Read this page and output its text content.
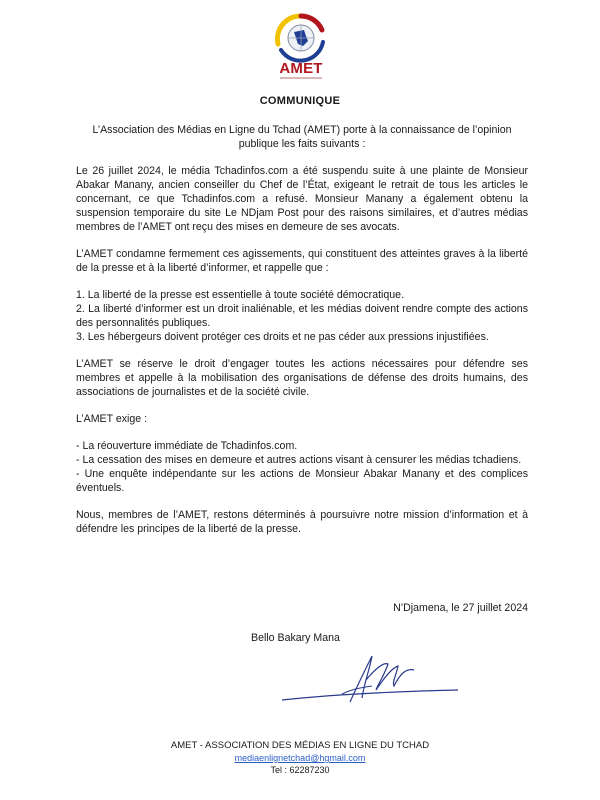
AMET
COMMUNIQUE

L’Association des Médias en Ligne du Tchad (AMET) porte à la connaissance de l’opinion publique les faits suivants :

Le 26 juillet 2024, le média Tchadinfos.com a été suspendu suite à une plainte de Monsieur Abakar Manany, ancien conseiller du Chef de l’État, exigeant le retrait de tous les articles le concernant, ce que Tchadinfos.com a refusé. Monsieur Manany a également obtenu la suspension temporaire du site Le NDjam Post pour des raisons similaires, et d’autres médias membres de l’AMET ont reçu des mises en demeure de ses avocats.

L’AMET condamne fermement ces agissements, qui constituent des atteintes graves à la liberté de la presse et à la liberté d’informer, et rappelle que :

1. La liberté de la presse est essentielle à toute société démocratique.

2. La liberté d’informer est un droit inaliénable, et les médias doivent rendre compte des actions des personnalités publiques.

3. Les hébergeurs doivent protéger ces droits et ne pas céder aux pressions injustifiées.

L’AMET se réserve le droit d’engager toutes les actions nécessaires pour défendre ses membres et appelle à la mobilisation des organisations de défense des droits humains, des associations de journalistes et de la société civile.

L’AMET exige :

- La réouverture immédiate de Tchadinfos.com.

- La cessation des mises en demeure et autres actions visant à censurer les médias tchadiens.

- Une enquête indépendante sur les actions de Monsieur Abakar Manany et des complices éventuels.

Nous, membres de l’AMET, restons déterminés à poursuivre notre mission d’information et à défendre les principes de la liberté de la presse.

N’Djamena, le 27 juillet 2024
Bello Bakary Mana
AMET - ASSOCIATION DES MÉDIAS EN LIGNE DU TCHAD
mediaenlignetchad@hgmail.com
Tel : 62287230
